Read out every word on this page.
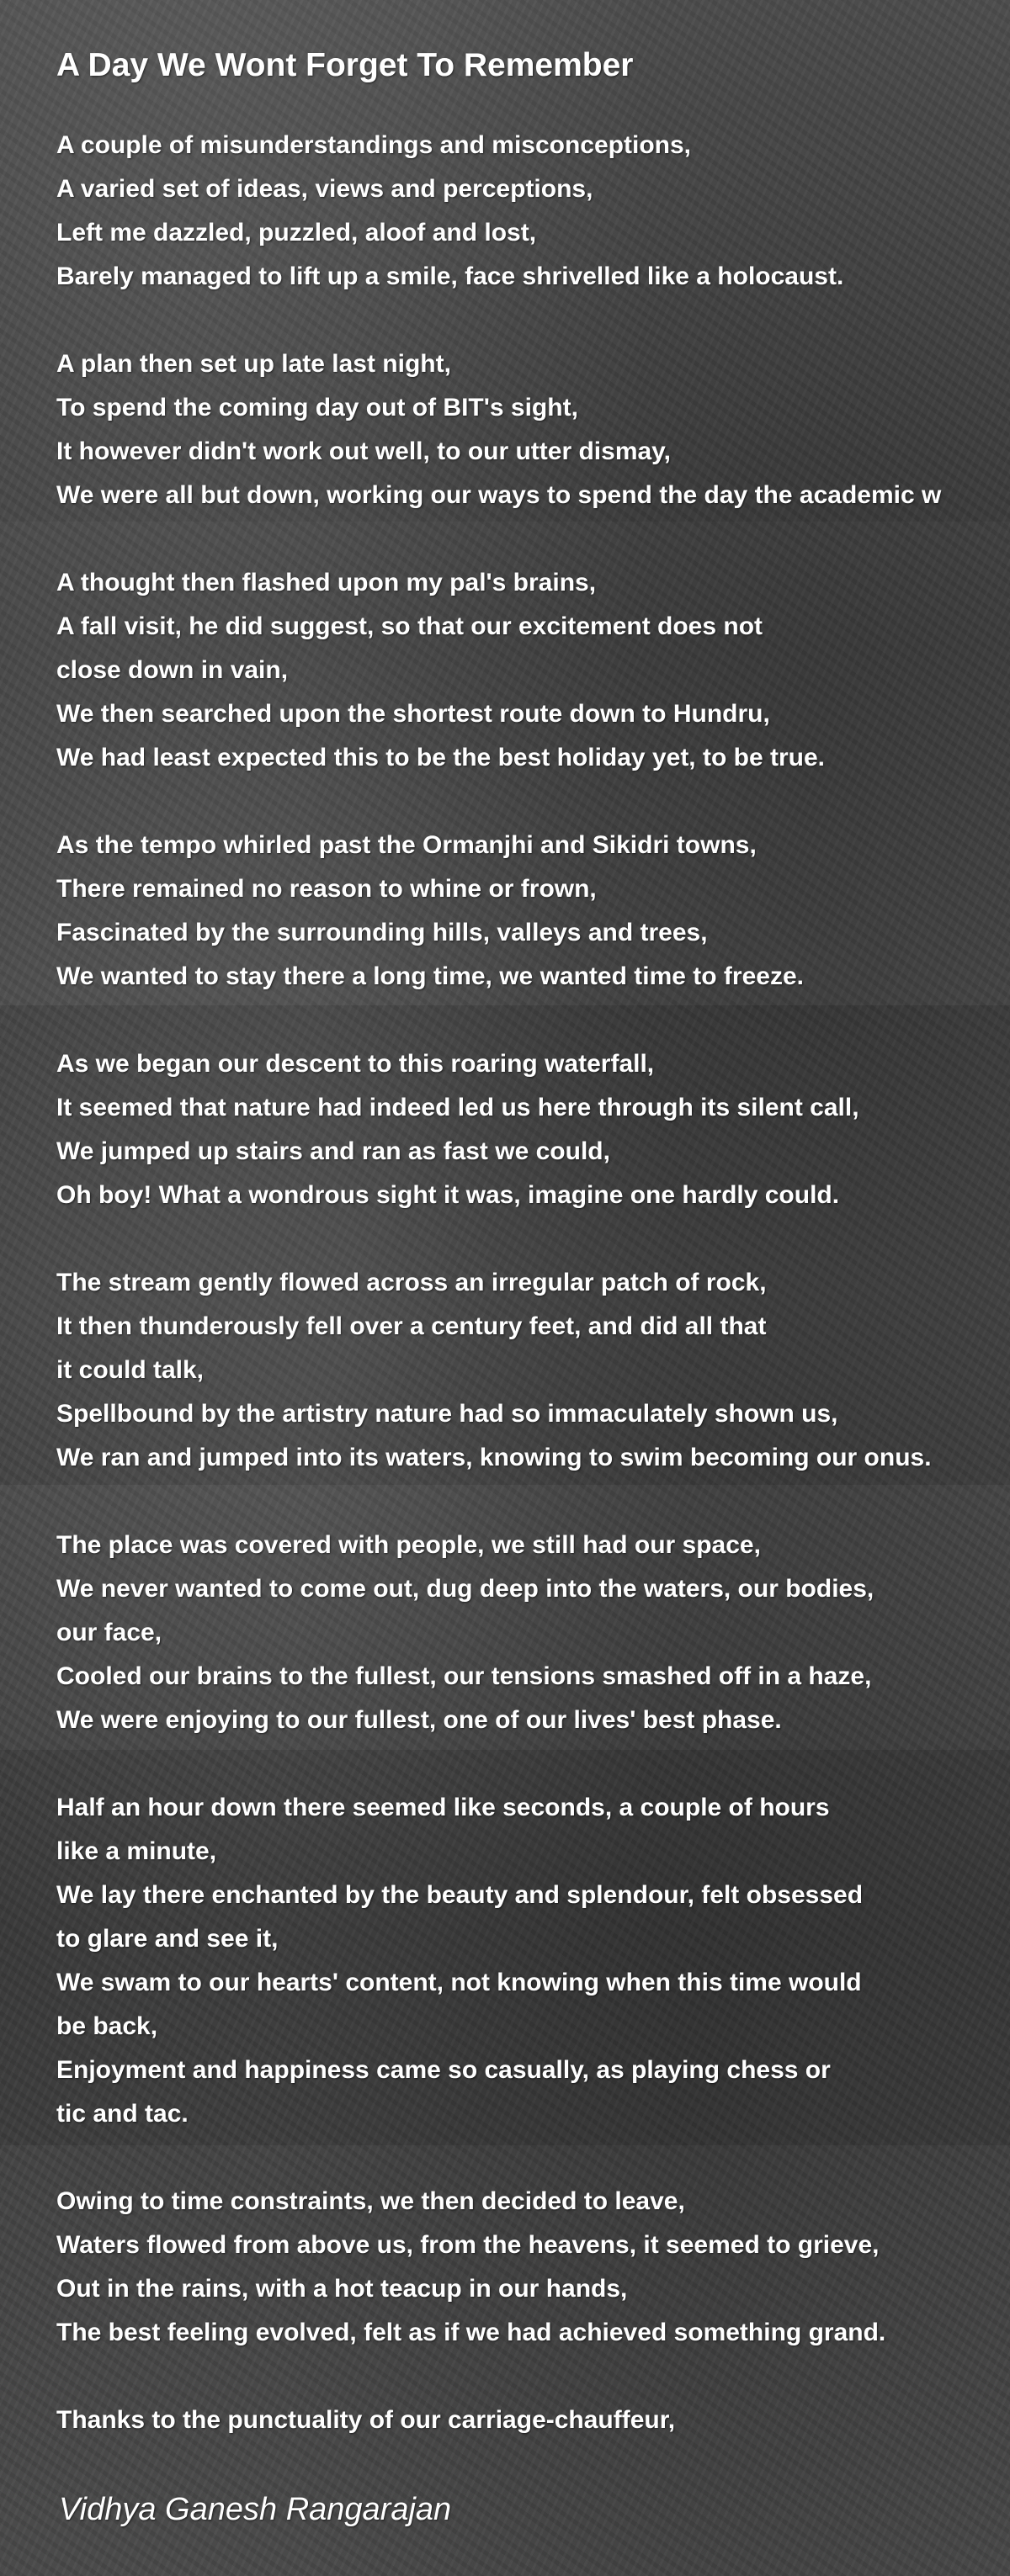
A Day We Wont Forget To Remember
A couple of misunderstandings and misconceptions,
A varied set of ideas, views and perceptions,
Left me dazzled, puzzled, aloof and lost,
Barely managed to lift up a smile, face shrivelled like a holocaust.
A plan then set up late last night,
To spend the coming day out of BIT's sight,
It however didn't work out well, to our utter dismay,
We were all but down, working our ways to spend the day the academic w
A thought then flashed upon my pal's brains,
A fall visit, he did suggest, so that our excitement does not
close down in vain,
We then searched upon the shortest route down to Hundru,
We had least expected this to be the best holiday yet, to be true.
As the tempo whirled past the Ormanjhi and Sikidri towns,
There remained no reason to whine or frown,
Fascinated by the surrounding hills, valleys and trees,
We wanted to stay there a long time, we wanted time to freeze.
As we began our descent to this roaring waterfall,
It seemed that nature had indeed led us here through its silent call,
We jumped up stairs and ran as fast we could,
Oh boy! What a wondrous sight it was, imagine one hardly could.
The stream gently flowed across an irregular patch of rock,
It then thunderously fell over a century feet, and did all that
it could talk,
Spellbound by the artistry nature had so immaculately shown us,
We ran and jumped into its waters, knowing to swim becoming our onus.
The place was covered with people, we still had our space,
We never wanted to come out, dug deep into the waters, our bodies,
our face,
Cooled our brains to the fullest, our tensions smashed off in a haze,
We were enjoying to our fullest, one of our lives' best phase.
Half an hour down there seemed like seconds, a couple of hours
like a minute,
We lay there enchanted by the beauty and splendour, felt obsessed
to glare and see it,
We swam to our hearts' content, not knowing when this time would
be back,
Enjoyment and happiness came so casually, as playing chess or
tic and tac.
Owing to time constraints, we then decided to leave,
Waters flowed from above us, from the heavens, it seemed to grieve,
Out in the rains, with a hot teacup in our hands,
The best feeling evolved, felt as if we had achieved something grand.
Thanks to the punctuality of our carriage-chauffeur,
Vidhya Ganesh Rangarajan
